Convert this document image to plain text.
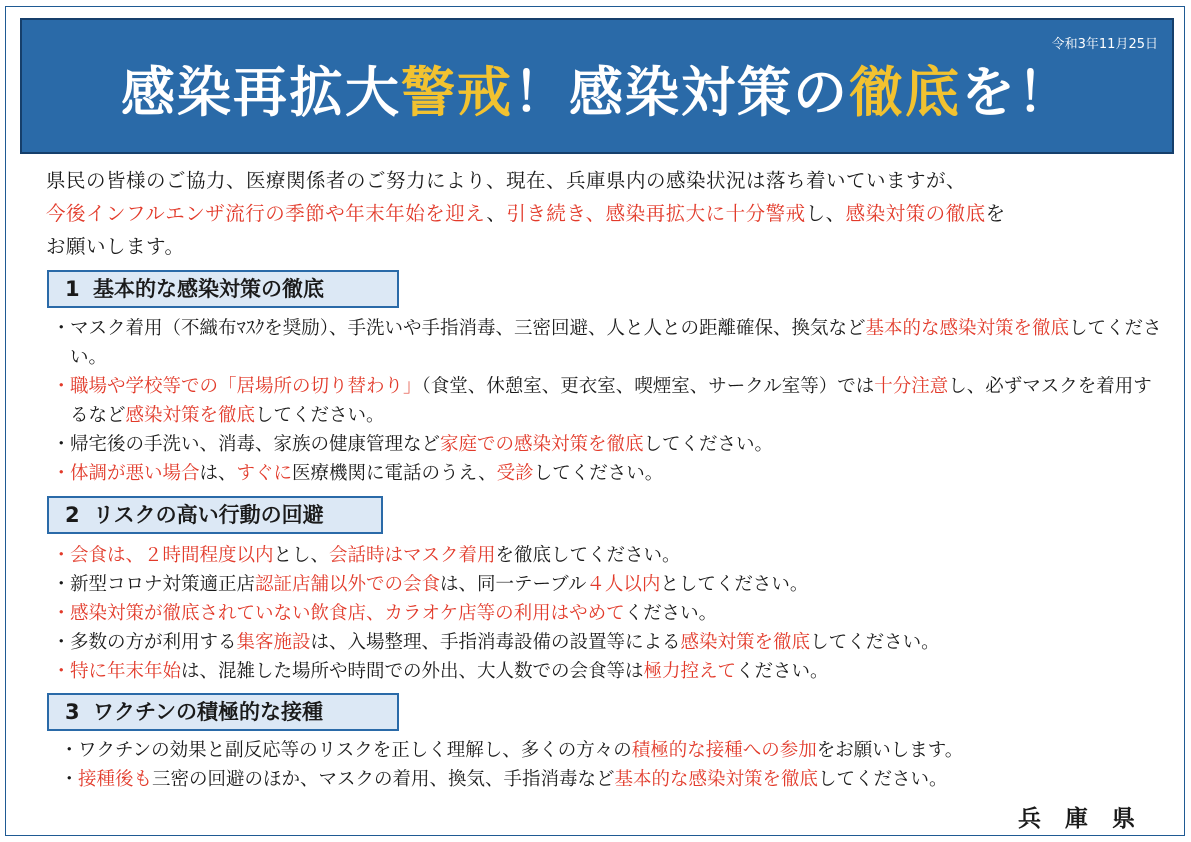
令和3年11月25日
感染再拡大警戒！感染対策の徹底を！
県民の皆様のご協力、医療関係者のご努力により、現在、兵庫県内の感染状況は落ち着いていますが、
今後インフルエンザ流行の季節や年末年始を迎え、引き続き、感染再拡大に十分警戒し、感染対策の徹底を
お願いします。
1 基本的な感染対策の徹底
・マスク着用（不織布ﾏｽｸを奨励）、手洗いや手指消毒、三密回避、人と人との距離確保、換気など基本的な感染対策を徹底してください。
・職場や学校等での「居場所の切り替わり」（食堂、休憩室、更衣室、喫煙室、サークル室等）では十分注意し、必ずマスクを着用するなど感染対策を徹底してください。
・帰宅後の手洗い、消毒、家族の健康管理など家庭での感染対策を徹底してください。
・体調が悪い場合は、すぐに医療機関に電話のうえ、受診してください。
2 リスクの高い行動の回避
・会食は、２時間程度以内とし、会話時はマスク着用を徹底してください。
・新型コロナ対策適正店認証店舗以外での会食は、同一テーブル４人以内としてください。
・感染対策が徹底されていない飲食店、カラオケ店等の利用はやめてください。
・多数の方が利用する集客施設は、入場整理、手指消毒設備の設置等による感染対策を徹底してください。
・特に年末年始は、混雑した場所や時間での外出、大人数での会食等は極力控えてください。
3 ワクチンの積極的な接種
・ワクチンの効果と副反応等のリスクを正しく理解し、多くの方々の積極的な接種への参加をお願いします。
・接種後も三密の回避のほか、マスクの着用、換気、手指消毒など基本的な感染対策を徹底してください。
兵 庫 県
